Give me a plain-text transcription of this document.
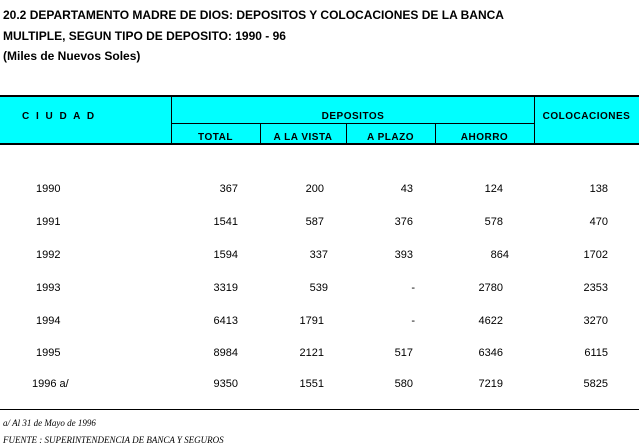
20.2 DEPARTAMENTO MADRE DE DIOS: DEPOSITOS Y COLOCACIONES DE LA BANCA
MULTIPLE, SEGUN TIPO DE DEPOSITO: 1990 - 96
(Miles de Nuevos Soles)
C I U D A D	DEPOSITOS	COLOCACIONES
TOTAL	A LA VISTA	A PLAZO	AHORRO
1990	367	200	43	124	138
1991	1541	587	376	578	470
1992	1594	337	393	864	1702
1993	3319	539	-	2780	2353
1994	6413	1791	-	4622	3270
1995	8984	2121	517	6346	6115
1996 a/	9350	1551	580	7219	5825
a/ Al 31 de Mayo de 1996
FUENTE : SUPERINTENDENCIA DE BANCA Y SEGUROS
